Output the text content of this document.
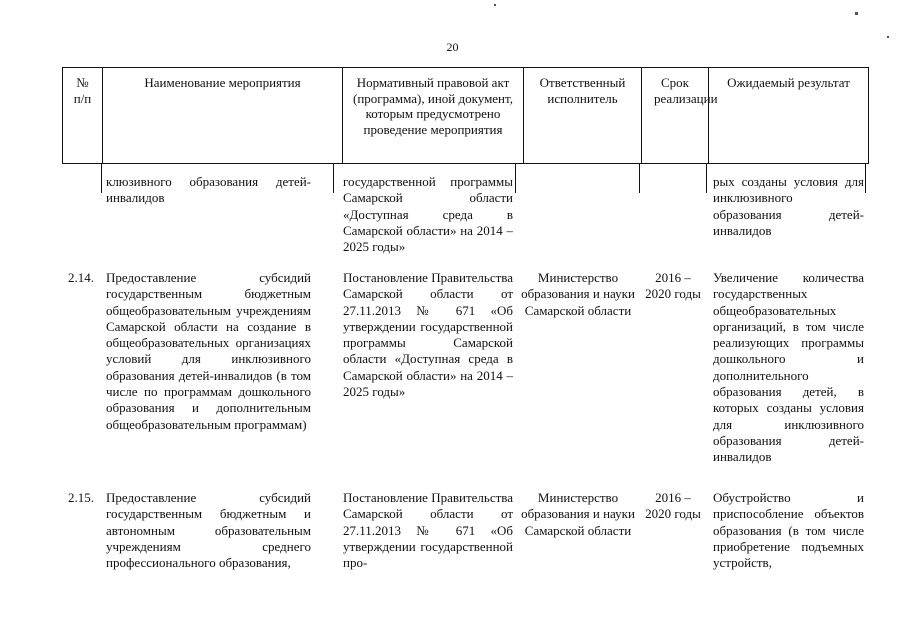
20
№
п/п
Наименование мероприятия	Нормативный правовой акт (программа), иной документ, которым предусмотрено проведение мероприятия
Ответственный исполнитель
Срок реализации
Ожидаемый результат
клюзивного образования детей-инвалидов
государственной программы Самарской области «Доступная среда в Самарской области» на 2014 – 2025 годы»
рых созданы условия для инклюзивного образования детей-инвалидов
2.14. Предоставление субсидий государственным бюджетным общеобразовательным учреждениям Самарской области на создание в общеобразовательных организациях условий для инклюзивного образования детей-инвалидов (в том числе по программам дошкольного образования и дополнительным общеобразовательным программам)
Постановление Правительства Самарской области от 27.11.2013 № 671 «Об утверждении государственной программы Самарской области «Доступная среда в Самарской области» на 2014 – 2025 годы»
Министерство образования и науки Самарской области
2016 – 2020 годы
Увеличение количества государственных общеобразовательных организаций, в том числе реализующих программы дошкольного и дополнительного образования детей, в которых созданы условия для инклюзивного образования детей-инвалидов
2.15. Предоставление субсидий государственным бюджетным и автономным образовательным учреждениям среднего профессионального образования,
Постановление Правительства Самарской области от 27.11.2013 № 671 «Об утверждении государственной про-
Министерство образования и науки Самарской области
2016 – 2020 годы
Обустройство и приспособление объектов образования (в том числе приобретение подъемных устройств,
